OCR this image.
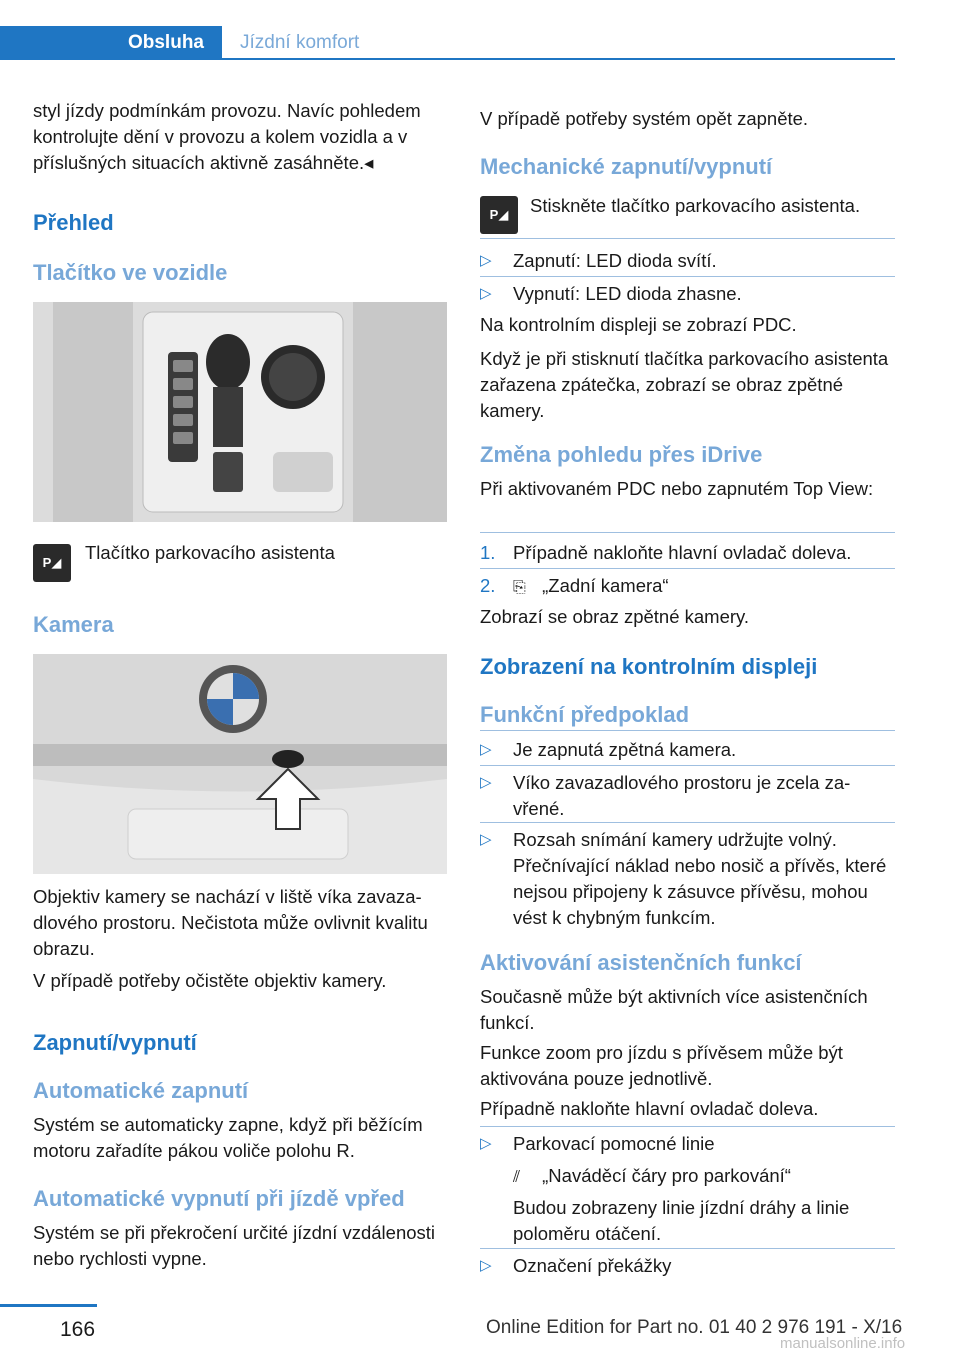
Obsluha	Jízdní komfort

styl jízdy podmínkám provozu. Navíc pohledem kontrolujte dění v provozu a kolem vozidla a v příslušných situacích aktivně zasáhněte.◂

Přehled
Tlačítko ve vozidle
P◢	Tlačítko parkovacího asistenta
Kamera

Objektiv kamery se nachází v liště víka zavazadlového prostoru. Nečistota může ovlivnit kvalitu obrazu.

V případě potřeby očistěte objektiv kamery.

Zapnutí/vypnutí
Automatické zapnutí

Systém se automaticky zapne, když při běžícím motoru zařadíte pákou voliče polohu R.

Automatické vypnutí při jízdě vpřed

Systém se při překročení určité jízdní vzdálenosti nebo rychlosti vypne.

V případě potřeby systém opět zapněte.

Mechanické zapnutí/vypnutí
P◢	Stiskněte tlačítko parkovacího asistenta.

▷ Zapnutí: LED dioda svítí.
▷ Vypnutí: LED dioda zhasne.

Na kontrolním displeji se zobrazí PDC.

Když je při stisknutí tlačítka parkovacího asistenta zařazena zpátečka, zobrazí se obraz zpětné kamery.

Změna pohledu přes iDrive

Při aktivovaném PDC nebo zapnutém Top View:

1. Případně nakloňte hlavní ovladač doleva.
2. ⎘ „Zadní kamera“

Zobrazí se obraz zpětné kamery.

Zobrazení na kontrolním displeji
Funkční předpoklad
▷ Je zapnutá zpětná kamera.
▷ Víko zavazadlového prostoru je zcela zavřené.
▷ Rozsah snímání kamery udržujte volný. Přečnívající náklad nebo nosič a přívěs, které nejsou připojeny k zásuvce přívěsu, mohou vést k chybným funkcím.
Aktivování asistenčních funkcí

Současně může být aktivních více asistenčních funkcí.

Funkce zoom pro jízdu s přívěsem může být aktivována pouze jednotlivě.

Případně nakloňte hlavní ovladač doleva.

▷ Parkovací pomocné linie
⫽ „Naváděcí čáry pro parkování“
Budou zobrazeny linie jízdní dráhy a linie poloměru otáčení.
▷ Označení překážky
166	Online Edition for Part no. 01 40 2 976 191 - X/16
manualsonline.info
